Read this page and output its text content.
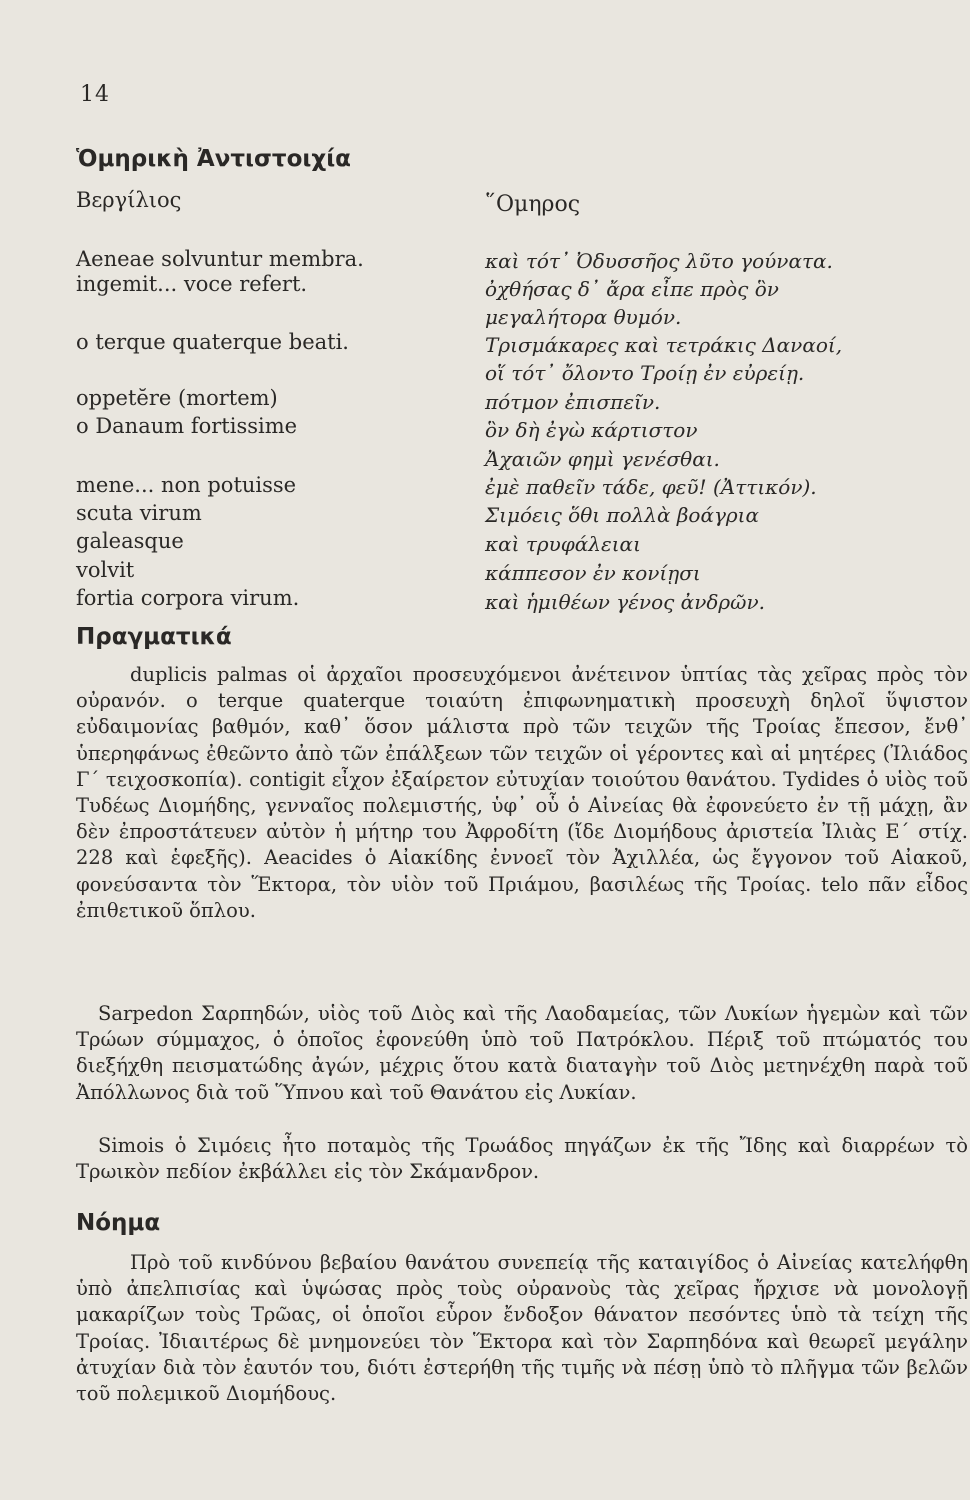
14
Ὁμηρικὴ Ἀντιστοιχία
Βεργίλιος	῞Ομηρος
Aeneae solvuntur membra.
ingemit... voce refert.
o terque quaterque beati.
oppetĕre (mortem)
o Danaum fortissime
mene... non potuisse
scuta virum
galeasque
volvit
fortia corpora virum.
καὶ τότ᾽ Ὀδυσσῆος λῦτο γούνατα.
ὀχθήσας δ᾽ ἄρα εἶπε πρὸς ὃν
μεγαλήτορα θυμόν.
Τρισμάκαρες καὶ τετράκις Δαναοί,
οἵ τότ᾽ ὄλοντο Τροίῃ ἐν εὐρείῃ.
πότμον ἐπισπεῖν.
ὃν δὴ ἐγὼ κάρτιστον
Ἀχαιῶν φημὶ γενέσθαι.
ἐμὲ παθεῖν τάδε, φεῦ! (Ἀττικόν).
Σιμόεις ὅθι πολλὰ βοάγρια
καὶ τρυφάλειαι
κάππεσον ἐν κονίῃσι
καὶ ἡμιθέων γένος ἀνδρῶν.
Πραγματικά

duplicis palmas οἱ ἀρχαῖοι προσευχόμενοι ἀνέτεινον ὑπτίας τὰς χεῖρας πρὸς τὸν οὐρανόν. o terque quaterque τοιαύτη ἐπιφωνηματικὴ προσευχὴ δηλοῖ ὕψιστον εὐδαιμονίας βαθμόν, καθ᾽ ὅσον μάλιστα πρὸ τῶν τειχῶν τῆς Τροίας ἔπεσον, ἔνθ᾽ ὑπερηφάνως ἐθεῶντο ἀπὸ τῶν ἐπάλξεων τῶν τειχῶν οἱ γέροντες καὶ αἱ μητέρες (Ἰλιάδος Γ´ τειχοσκοπία). contigit εἶχον ἐξαίρετον εὐτυχίαν τοιούτου θανάτου. Tydides ὁ υἱὸς τοῦ Τυδέως Διομήδης, γενναῖος πολεμιστής, ὑφ᾽ οὗ ὁ Αἰνείας θὰ ἐφονεύετο ἐν τῇ μάχῃ, ἂν δὲν ἐπροστάτευεν αὐτὸν ἡ μήτηρ του Ἀφροδίτη (ἴδε Διομήδους ἀριστεία Ἰλιὰς Ε´ στίχ. 228 καὶ ἑφεξῆς). Aeacides ὁ Αἰακίδης ἐννοεῖ τὸν Ἀχιλλέα, ὡς ἔγγονον τοῦ Αἰακοῦ, φονεύσαντα τὸν Ἕκτορα, τὸν υἱὸν τοῦ Πριάμου, βασιλέως τῆς Τροίας. telo πᾶν εἶδος ἐπιθετικοῦ ὅπλου.

Sarpedon Σαρπηδών, υἱὸς τοῦ Διὸς καὶ τῆς Λαοδαμείας, τῶν Λυκίων ἡγεμὼν καὶ τῶν Τρώων σύμμαχος, ὁ ὁποῖος ἐφονεύθη ὑπὸ τοῦ Πατρόκλου. Πέριξ τοῦ πτώματός του διεξήχθη πεισματώδης ἀγών, μέχρις ὅτου κατὰ διαταγὴν τοῦ Διὸς μετηνέχθη παρὰ τοῦ Ἀπόλλωνος διὰ τοῦ Ὕπνου καὶ τοῦ Θανάτου εἰς Λυκίαν.

Simois ὁ Σιμόεις ἦτο ποταμὸς τῆς Τρωάδος πηγάζων ἐκ τῆς Ἴδης καὶ διαρρέων τὸ Τρωικὸν πεδίον ἐκβάλλει εἰς τὸν Σκάμανδρον.

Νόημα

Πρὸ τοῦ κινδύνου βεβαίου θανάτου συνεπείᾳ τῆς καταιγίδος ὁ Αἰνείας κατελήφθη ὑπὸ ἀπελπισίας καὶ ὑψώσας πρὸς τοὺς οὐρανοὺς τὰς χεῖρας ἤρχισε νὰ μονολογῇ μακαρίζων τοὺς Τρῶας, οἱ ὁποῖοι εὗρον ἔνδοξον θάνατον πεσόντες ὑπὸ τὰ τείχη τῆς Τροίας. Ἰδιαιτέρως δὲ μνημονεύει τὸν Ἕκτορα καὶ τὸν Σαρπηδόνα καὶ θεωρεῖ μεγάλην ἀτυχίαν διὰ τὸν ἑαυτόν του, διότι ἐστερήθη τῆς τιμῆς νὰ πέσῃ ὑπὸ τὸ πλῆγμα τῶν βελῶν τοῦ πολεμικοῦ Διομήδους.
